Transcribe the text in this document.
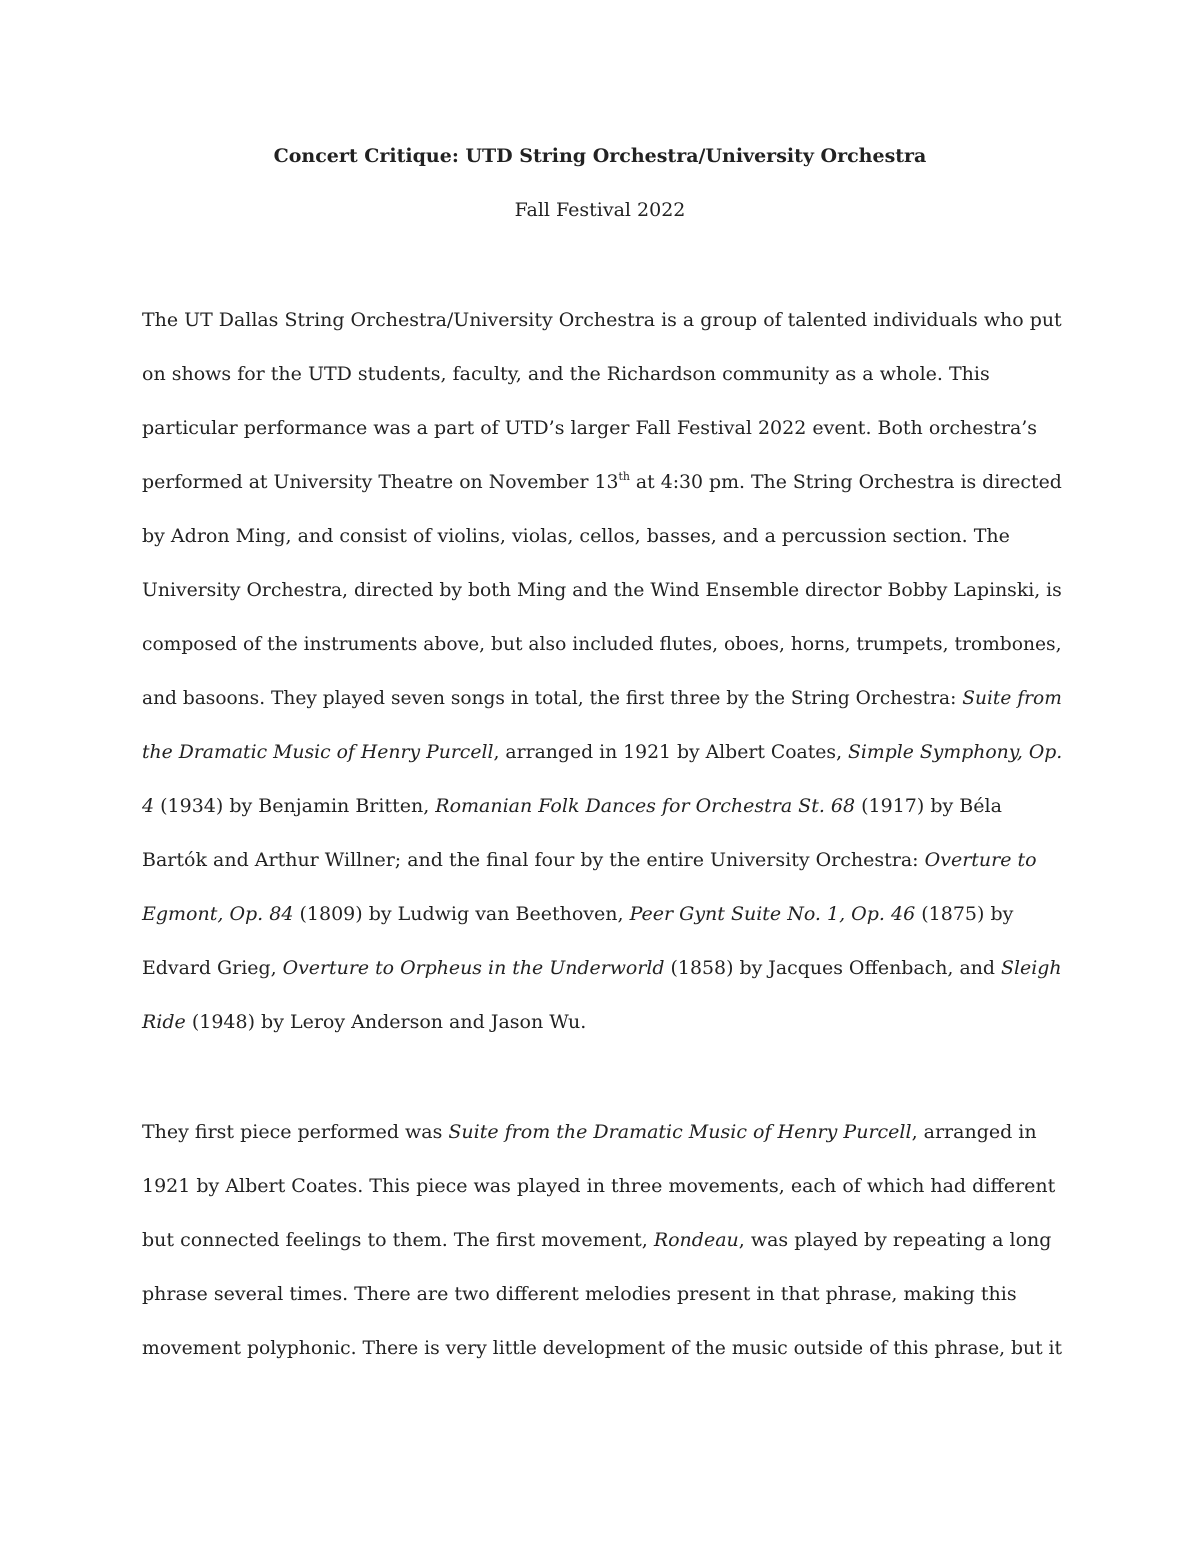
Concert Critique: UTD String Orchestra/University Orchestra

Fall Festival 2022

The UT Dallas String Orchestra/University Orchestra is a group of talented individuals who put
on shows for the UTD students, faculty, and the Richardson community as a whole. This
particular performance was a part of UTD’s larger Fall Festival 2022 event. Both orchestra’s
performed at University Theatre on November 13th at 4:30 pm. The String Orchestra is directed
by Adron Ming, and consist of violins, violas, cellos, basses, and a percussion section. The
University Orchestra, directed by both Ming and the Wind Ensemble director Bobby Lapinski, is
composed of the instruments above, but also included flutes, oboes, horns, trumpets, trombones,
and basoons. They played seven songs in total, the first three by the String Orchestra: Suite from
the Dramatic Music of Henry Purcell, arranged in 1921 by Albert Coates, Simple Symphony, Op.
4 (1934) by Benjamin Britten, Romanian Folk Dances for Orchestra St. 68 (1917) by Béla
Bartók and Arthur Willner; and the final four by the entire University Orchestra: Overture to
Egmont, Op. 84 (1809) by Ludwig van Beethoven, Peer Gynt Suite No. 1, Op. 46 (1875) by
Edvard Grieg, Overture to Orpheus in the Underworld (1858) by Jacques Offenbach, and Sleigh
Ride (1948) by Leroy Anderson and Jason Wu.
They first piece performed was Suite from the Dramatic Music of Henry Purcell, arranged in
1921 by Albert Coates. This piece was played in three movements, each of which had different
but connected feelings to them. The first movement, Rondeau, was played by repeating a long
phrase several times. There are two different melodies present in that phrase, making this
movement polyphonic. There is very little development of the music outside of this phrase, but it
